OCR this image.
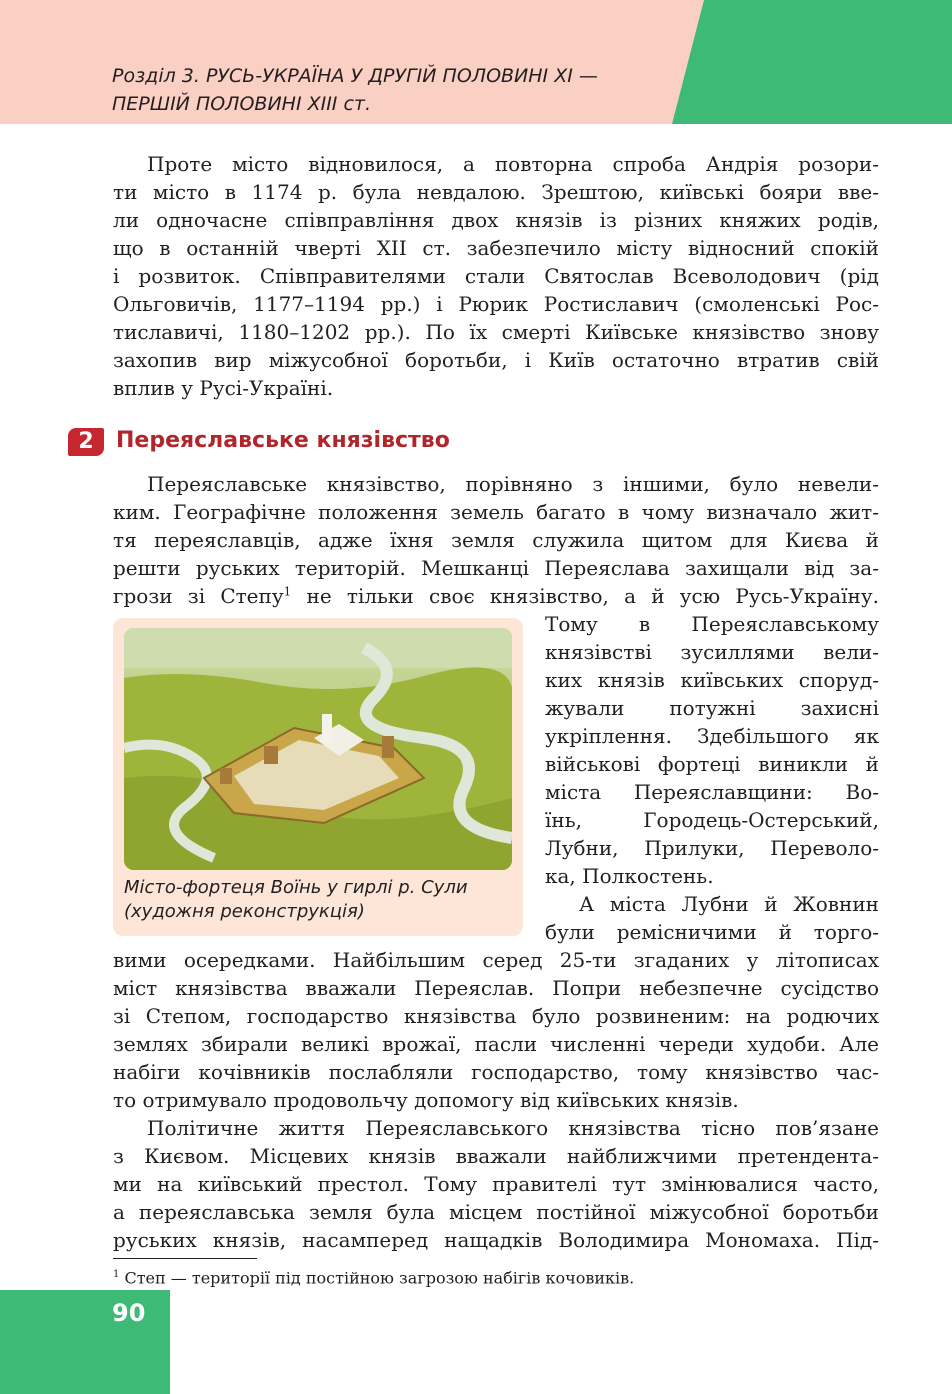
Розділ 3. РУСЬ-УКРАЇНА У ДРУГІЙ ПОЛОВИНІ ХІ —
ПЕРШІЙ ПОЛОВИНІ ХІІІ ст.
Проте місто відновилося, а повторна спроба Андрія розори-
ти місто в 1174 р. була невдалою. Зрештою, київські бояри вве-
ли одночасне співправління двох князів із різних княжих родів,
що в останній чверті XII ст. забезпечило місту відносний спокій
і розвиток. Співправителями стали Святослав Всеволодович (рід
Ольговичів, 1177–1194 рр.) і Рюрик Ростиславич (смоленські Рос-
тиславичі, 1180–1202 рр.). По їх смерті Київське князівство знову
захопив вир міжусобної боротьби, і Київ остаточно втратив свій
вплив у Русі-Україні.
2	Переяславське князівство
Переяславське князівство, порівняно з іншими, було невели-
ким. Географічне положення земель багато в чому визначало жит-
тя переяславців, адже їхня земля служила щитом для Києва й
решти руських територій. Мешканці Переяслава захищали від за-
грози зі Степу$^1$ не тільки своє князівство, а й усю Русь-Україну.
Тому в Переяславському
князівстві зусиллями вели-
ких князів київських споруд-
жували потужні захисні
укріплення. Здебільшого як
військові фортеці виникли й
міста Переяславщини: Во-
їнь, Городець-Остерський,
Лубни, Прилуки, Переволо-
ка, Полкостень.
Місто-фортеця Воїнь у гирлі р. Сули
(художня реконструкція)	А міста Лубни й Жовнин
були ремісничими й торго-
вими осередками. Найбільшим серед 25-ти згаданих у літописах
міст князівства вважали Переяслав. Попри небезпечне сусідство
зі Степом, господарство князівства було розвиненим: на родючих
землях збирали великі врожаї, пасли численні череди худоби. Але
набіги кочівників послабляли господарство, тому князівство час-
то отримувало продовольчу допомогу від київських князів.
Політичне життя Переяславського князівства тісно пов’язане
з Києвом. Місцевих князів вважали найближчими претендента-
ми на київський престол. Тому правителі тут змінювалися часто,
а переяславська земля була місцем постійної міжусобної боротьби
руських князів, насамперед нащадків Володимира Мономаха. Під-
$^1$ Степ — території під постійною загрозою набігів кочовиків.
90
